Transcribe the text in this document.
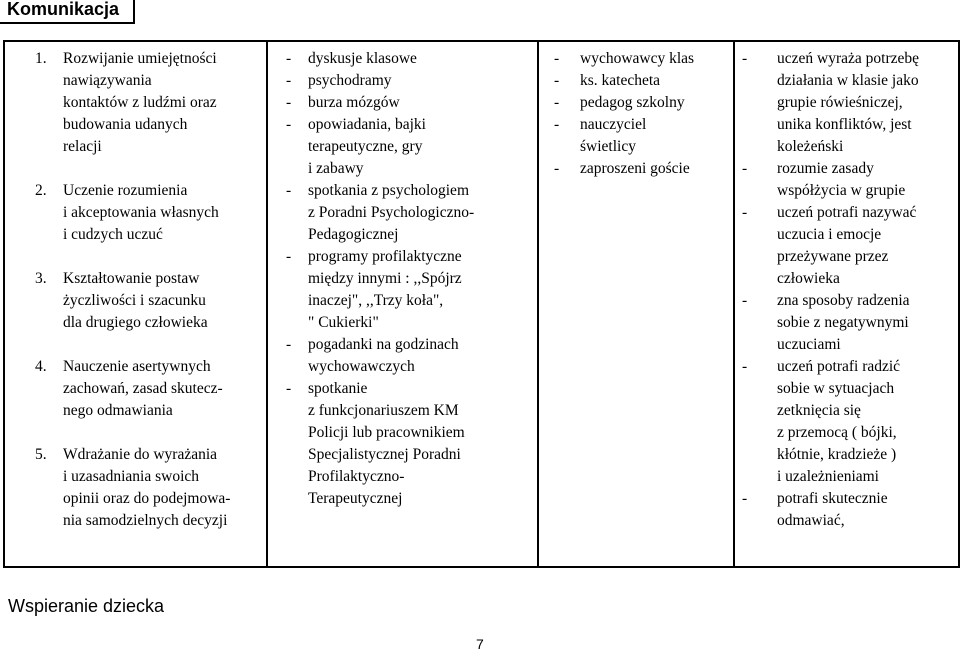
Komunikacja
1. Rozwijanie umiejętności
nawiązywania
kontaktów z ludźmi oraz
budowania udanych
relacji
2. Uczenie rozumienia
i akceptowania własnych
i cudzych uczuć
3. Kształtowanie postaw
życzliwości i szacunku
dla drugiego człowieka
4. Nauczenie asertywnych
zachowań, zasad skutecz-
nego odmawiania
5. Wdrażanie do wyrażania
i uzasadniania swoich
opinii oraz do podejmowa-
nia samodzielnych decyzji
- dyskusje klasowe
- psychodramy
- burza mózgów
- opowiadania, bajki
terapeutyczne, gry
i zabawy
- spotkania z psychologiem
z Poradni Psychologiczno-
Pedagogicznej
- programy profilaktyczne
między innymi : ,,Spójrz
inaczej", ,,Trzy koła",
" Cukierki"
- pogadanki na godzinach
wychowawczych
- spotkanie
z funkcjonariuszem KM
Policji lub pracownikiem
Specjalistycznej Poradni
Profilaktyczno-
Terapeutycznej
- wychowawcy klas
- ks. katecheta
- pedagog szkolny
- nauczyciel
świetlicy
- zaproszeni goście
- uczeń wyraża potrzebę
działania w klasie jako
grupie rówieśniczej,
unika konfliktów, jest
koleżeński
- rozumie zasady
współżycia w grupie
- uczeń potrafi nazywać
uczucia i emocje
przeżywane przez
człowieka
- zna sposoby radzenia
sobie z negatywnymi
uczuciami
- uczeń potrafi radzić
sobie w sytuacjach
zetknięcia się
z przemocą ( bójki,
kłótnie, kradzieże )
i uzależnieniami
- potrafi skutecznie
odmawiać,
Wspieranie dziecka
7
